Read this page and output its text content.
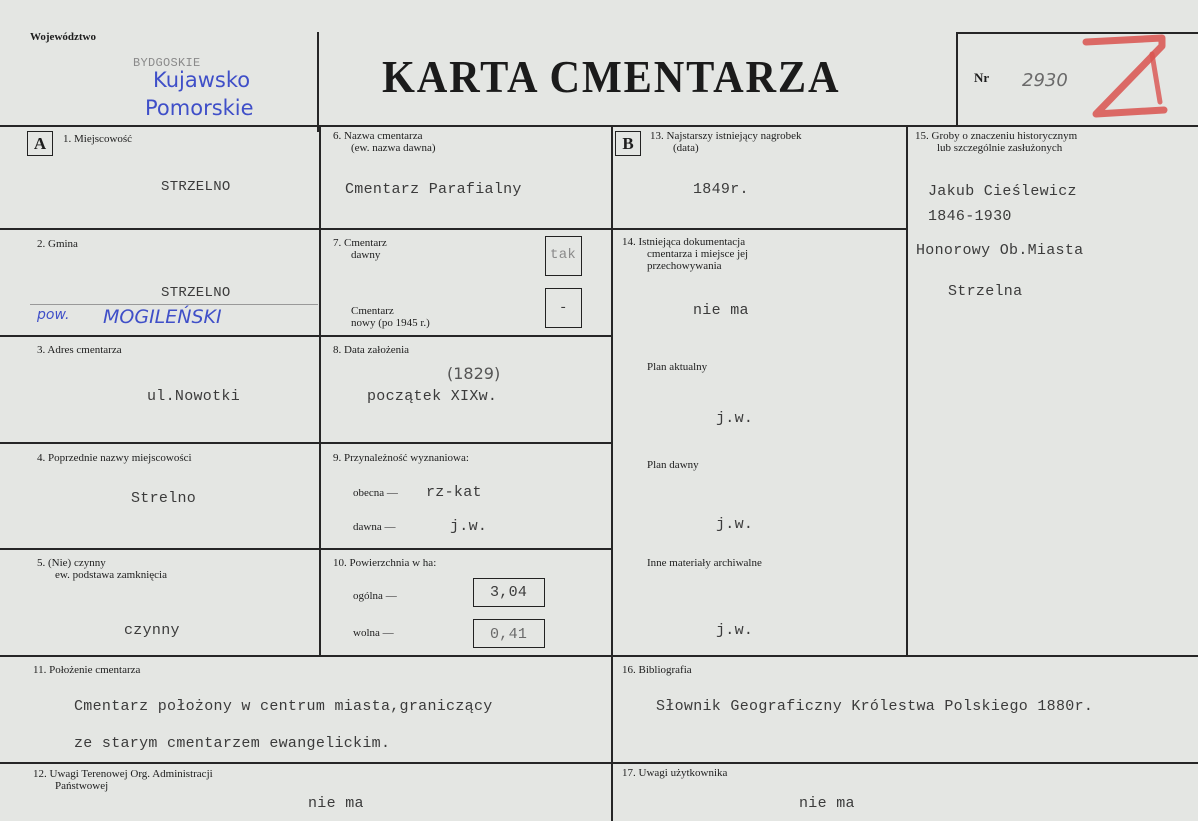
Województwo
BYDGOSKIE
Kujawsko
Pomorskie
KARTA CMENTARZA	Nr 2930
A	1. Miejscowość
STRZELNO
2. Gmina
STRZELNO
pow. MOGILEŃSKI
3. Adres cmentarza
ul.Nowotki
4. Poprzednie nazwy miejscowości
Strelno
5. (Nie) czynny
ew. podstawa zamknięcia
czynny
6. Nazwa cmentarza
(ew. nazwa dawna)
Cmentarz Parafialny
7. Cmentarz
dawny	tak
Cmentarz
nowy (po 1945 r.)
-
8. Data założenia
(1829)
początek XIXw.
9. Przynależność wyznaniowa:
obecna — rz-kat
dawna —	j.w.
10. Powierzchnia w ha:
ogólna —	3,04
wolna —	0,41
11. Położenie cmentarza
Cmentarz położony w centrum miasta,graniczący
ze starym cmentarzem ewangelickim.
12. Uwagi Terenowej Org. Administracji
Państwowej
nie ma
B	13. Najstarszy istniejący nagrobek
(data)
1849r.
14. Istniejąca dokumentacja
cmentarza i miejsce jej
przechowywania
nie ma
Plan aktualny
j.w.
Plan dawny
j.w.
Inne materiały archiwalne
j.w.
15. Groby o znaczeniu historycznym
lub szczególnie zasłużonych
Jakub Cieślewicz
1846-1930
Honorowy Ob.Miasta
Strzelna
16. Bibliografia
Słownik Geograficzny Królestwa Polskiego 1880r.
17. Uwagi użytkownika
nie ma
